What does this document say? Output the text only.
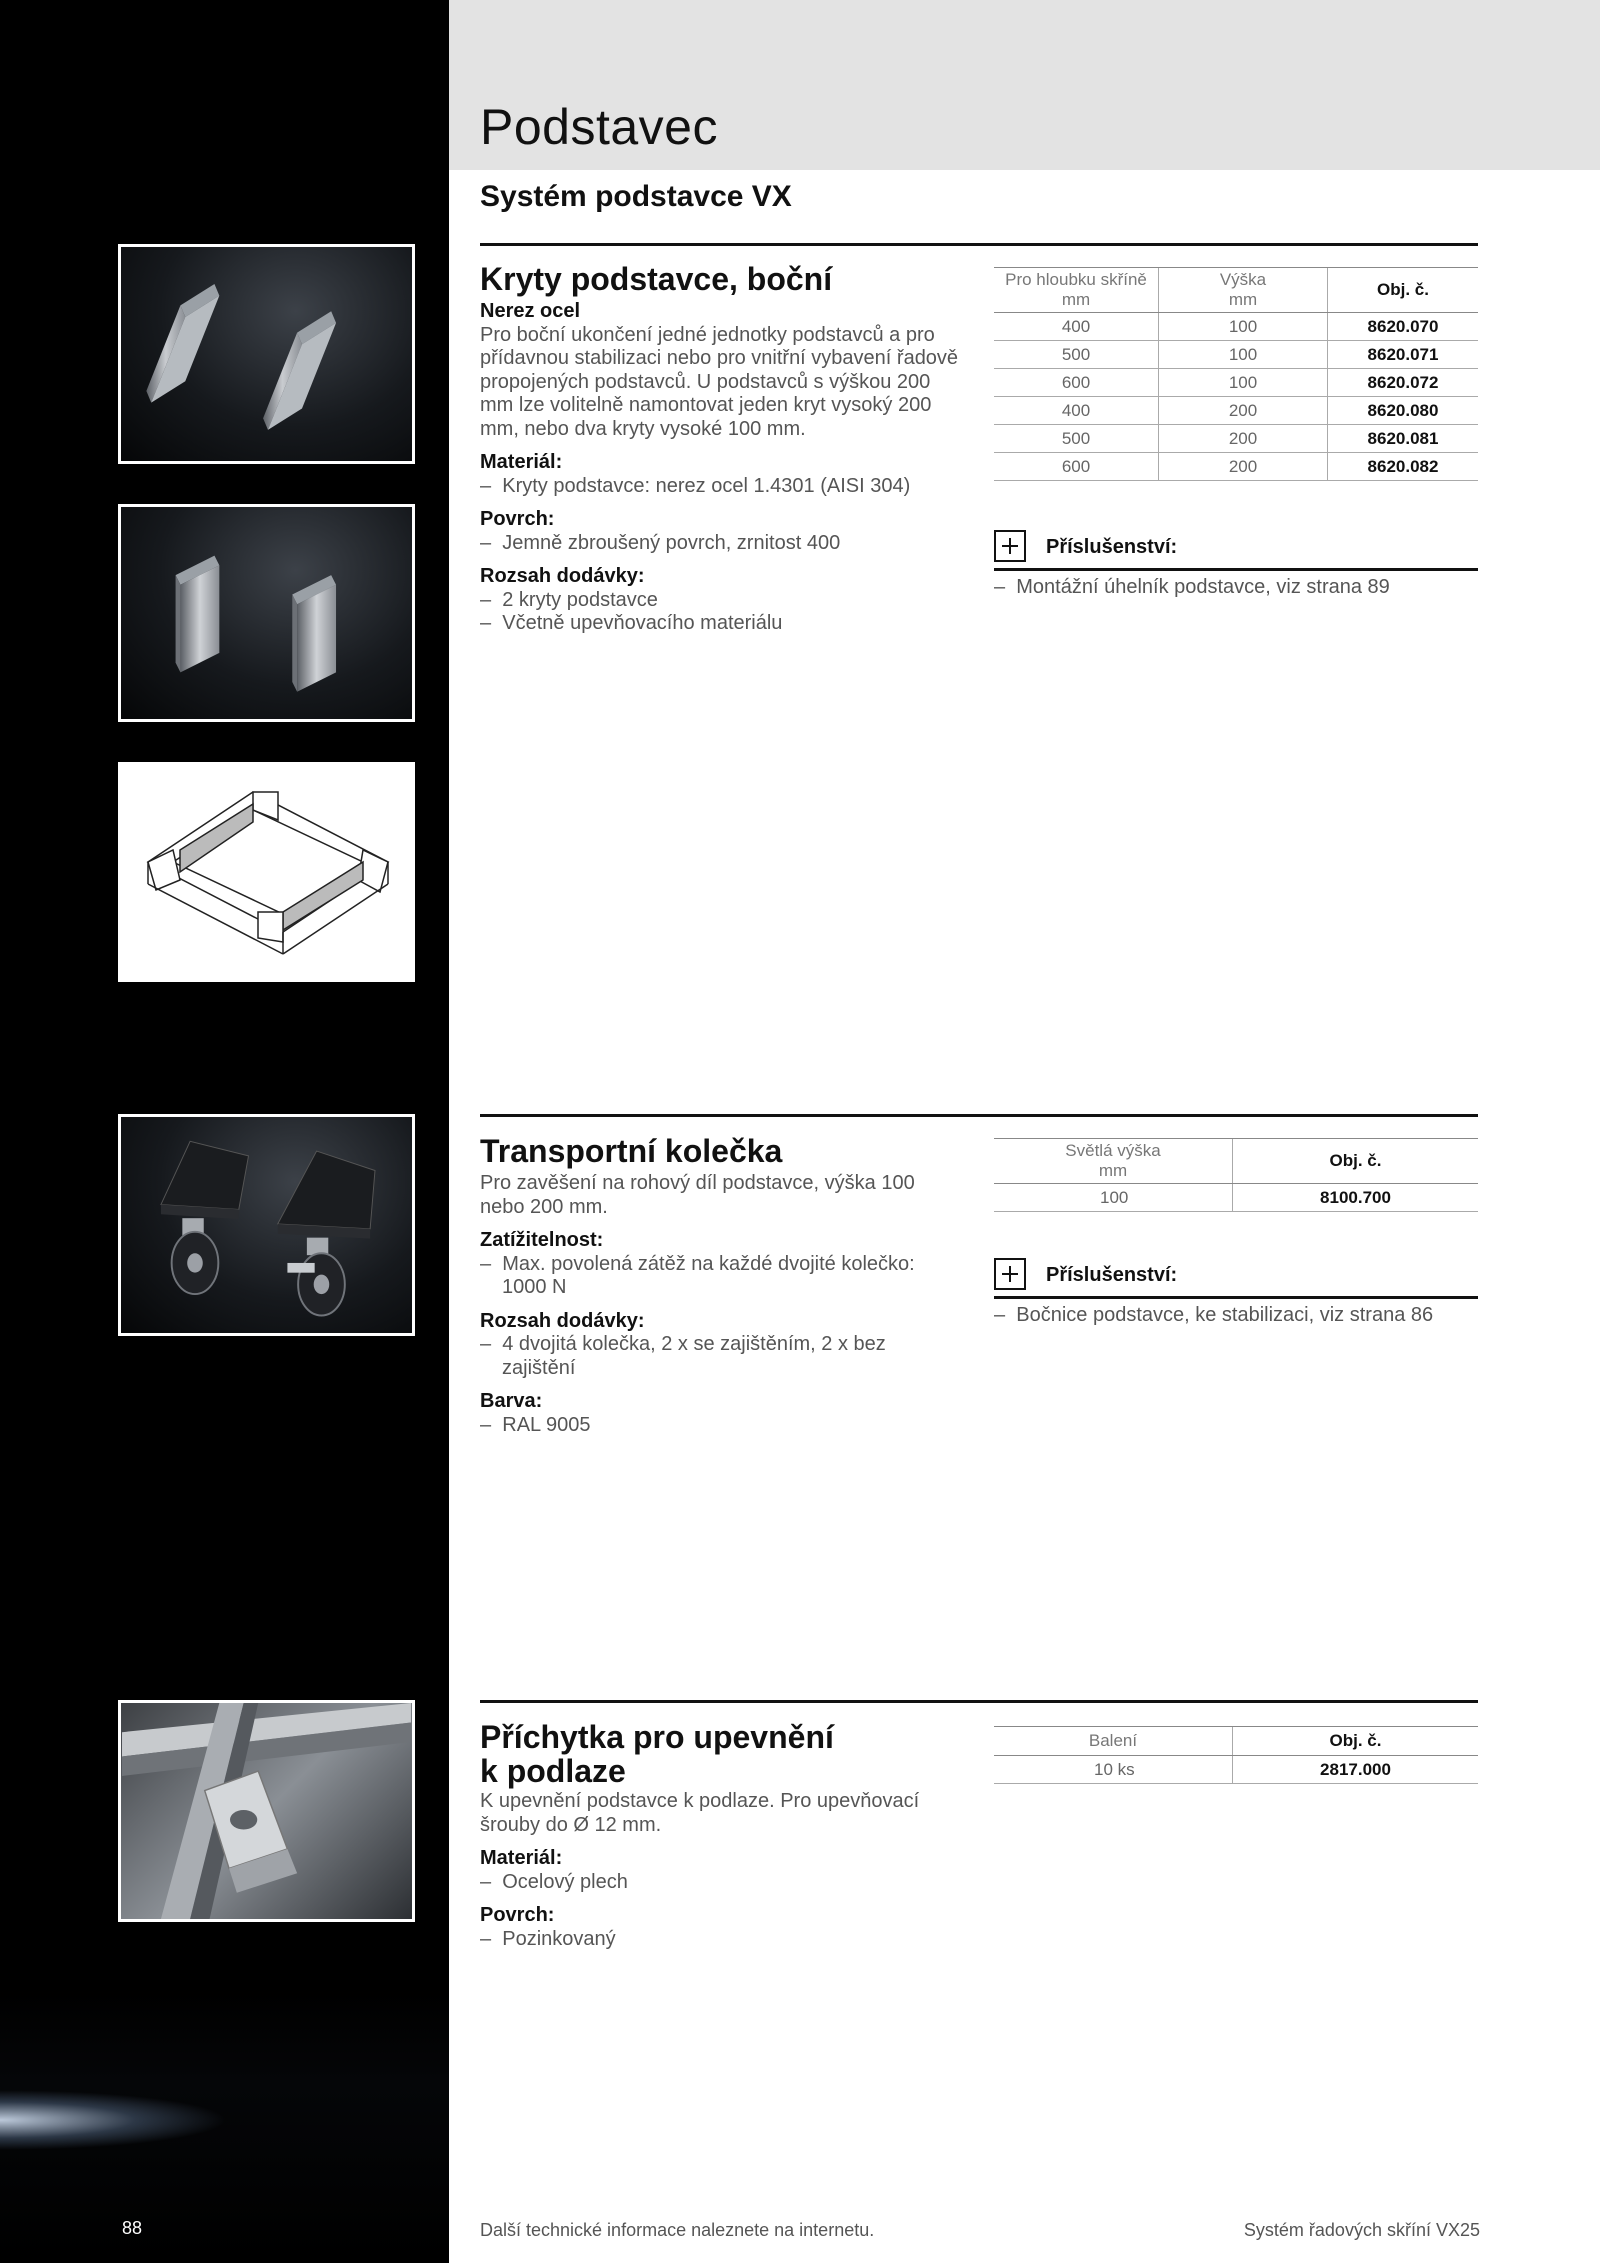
Podstavec
Systém podstavce VX
Kryty podstavce, boční

Nerez ocel

Pro boční ukončení jedné jednotky podstavců a pro přídavnou stabilizaci nebo pro vnitřní vybavení řadově propojených podstavců. U podstavců s výškou 200 mm lze volitelně namontovat jeden kryt vysoký 200 mm, nebo dva kryty vysoké 100 mm.

Materiál:

–  Kryty podstavce: nerez ocel 1.4301 (AISI 304)

Povrch:

–  Jemně zbroušený povrch, zrnitost 400

Rozsah dodávky:

–  2 kryty podstavce

–  Včetně upevňovacího materiálu

Pro hloubku skříně
mm	Výška
mm	Obj. č.
400	100	8620.070
500	100	8620.071
600	100	8620.072
400	200	8620.080
500	200	8620.081
600	200	8620.082
Příslušenství:
–  Montážní úhelník podstavce, viz strana 89
Transportní kolečka

Pro zavěšení na rohový díl podstavce, výška 100 nebo 200 mm.

Zatížitelnost:

–  Max. povolená zátěž na každé dvojité kolečko: 1000 N

Rozsah dodávky:

–  4 dvojitá kolečka, 2 x se zajištěním, 2 x bez zajištění

Barva:

–  RAL 9005

Světlá výška
mm	Obj. č.
100	8100.700
Příslušenství:
–  Bočnice podstavce, ke stabilizaci, viz strana 86
Příchytka pro upevnění
k podlaze

K upevnění podstavce k podlaze. Pro upevňovací šrouby do Ø 12 mm.

Materiál:

–  Ocelový plech

Povrch:

–  Pozinkovaný

Balení	Obj. č.
10 ks	2817.000
88	Další technické informace naleznete na internetu.	Systém řadových skříní VX25
